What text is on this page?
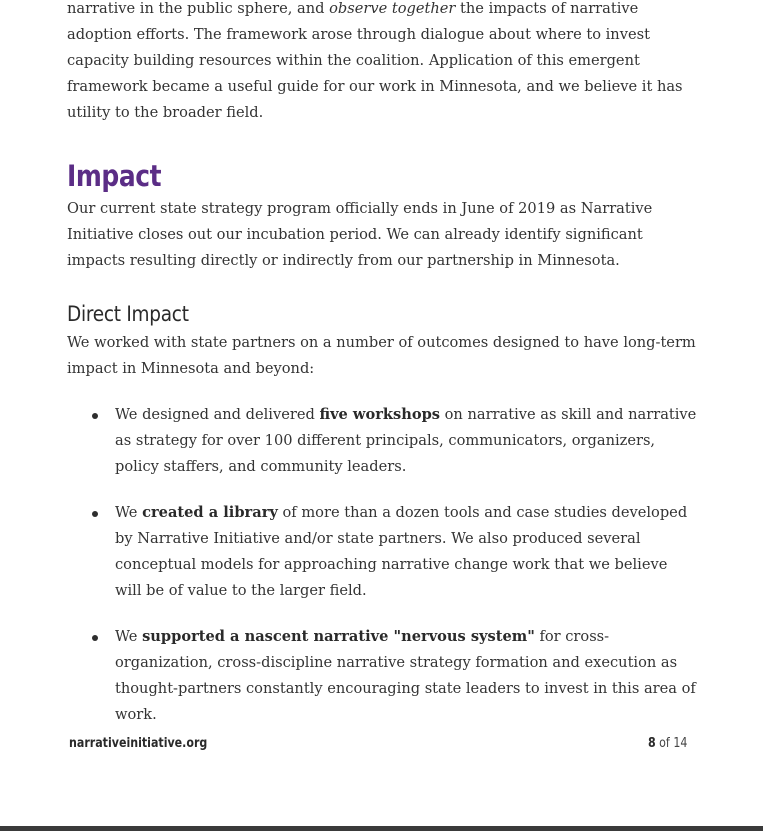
narrative in the public sphere, and observe together the impacts of narrative adoption efforts. The framework arose through dialogue about where to invest capacity building resources within the coalition. Application of this emergent framework became a useful guide for our work in Minnesota, and we believe it has utility to the broader field.

Impact

Our current state strategy program officially ends in June of 2019 as Narrative Initiative closes out our incubation period. We can already identify significant impacts resulting directly or indirectly from our partnership in Minnesota.

Direct Impact

We worked with state partners on a number of outcomes designed to have long-term impact in Minnesota and beyond:

We designed and delivered five workshops on narrative as skill and narrative as strategy for over 100 different principals, communicators, organizers, policy staffers, and community leaders.

We created a library of more than a dozen tools and case studies developed by Narrative Initiative and/or state partners. We also produced several conceptual models for approaching narrative change work that we believe will be of value to the larger field.

We supported a nascent narrative "nervous system" for cross-organization, cross-discipline narrative strategy formation and execution as thought-partners constantly encouraging state leaders to invest in this area of work.

narrativeinitiative.org	8 of 14
